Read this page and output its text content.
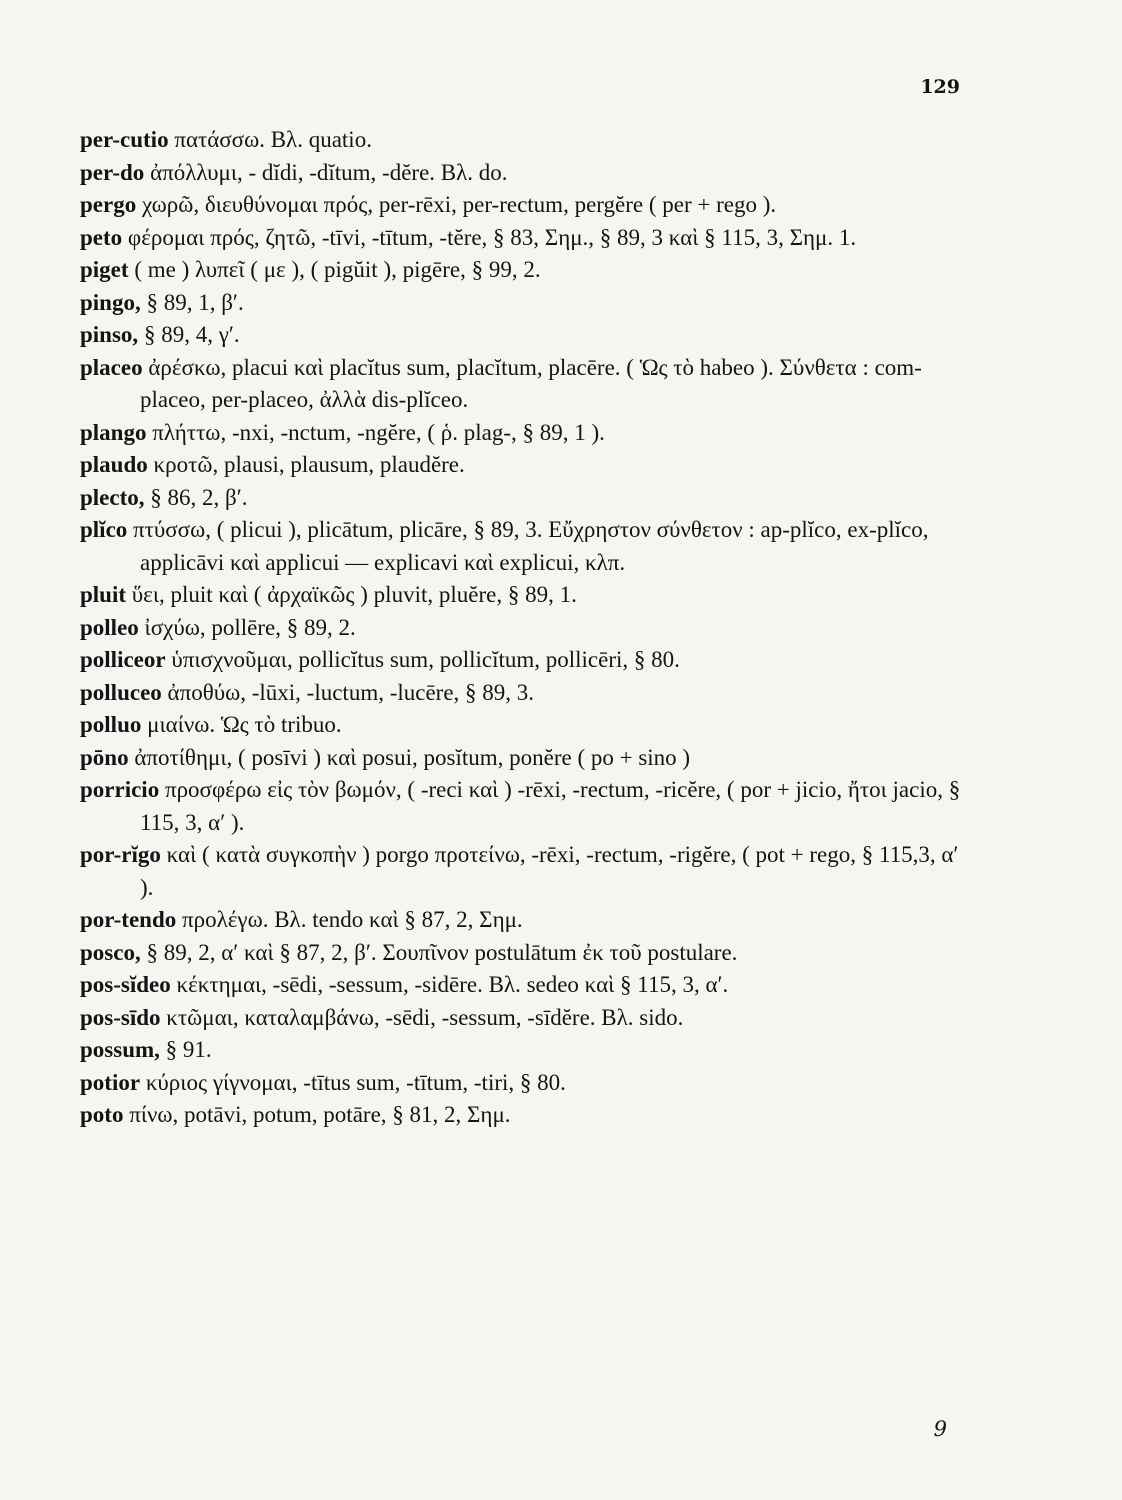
129
per-cutio πατάσσω. Βλ. quatio.
per-do ἀπόλλυμι, - dĭdi, -dĭtum, -dĕre. Βλ. do.
pergo χωρῶ, διευθύνομαι πρός, per-rēxi, per-rectum, pergĕre ( per + rego ).
peto φέρομαι πρός, ζητῶ, -tīvi, -tītum, -tĕre, § 83, Σημ., § 89, 3 καὶ § 115, 3, Σημ. 1.
piget ( me ) λυπεῖ ( με ), ( pigŭit ), pigēre, § 99, 2.
pingo, § 89, 1, β′.
pinso, § 89, 4, γ′.
placeo ἀρέσκω, placui καὶ placĭtus sum, placĭtum, placēre. ( Ὡς τὸ habeo ). Σύνθετα : com-placeo, per-placeo, ἀλλὰ dis-plĭceo.
plango πλήττω, -nxi, -nctum, -ngĕre, ( ῥ. plag-, § 89, 1 ).
plaudo κροτῶ, plausi, plausum, plaudĕre.
plecto, § 86, 2, β′.
plĭco πτύσσω, ( plicui ), plicātum, plicāre, § 89, 3. Εὔχρηστον σύνθετον : ap-plĭco, ex-plĭco, applicāvi καὶ applicui — explicavi καὶ explicui, κλπ.
pluit ὕει, pluit καὶ ( ἀρχαϊκῶς ) pluvit, pluĕre, § 89, 1.
polleo ἰσχύω, pollēre, § 89, 2.
polliceor ὑπισχνοῦμαι, pollicĭtus sum, pollicĭtum, pollicēri, § 80.
polluceo ἀποθύω, -lūxi, -luctum, -lucēre, § 89, 3.
polluo μιαίνω. Ὡς τὸ tribuo.
pōno ἀποτίθημι, ( posīvi ) καὶ posui, posĭtum, ponĕre ( po + sino )
porricio προσφέρω εἰς τὸν βωμόν, ( -reci καὶ ) -rēxi, -rectum, -ricĕre, ( por + jicio, ἤτοι jacio, § 115, 3, α′ ).
por-rĭgo καὶ ( κατὰ συγκοπὴν ) porgo προτείνω, -rēxi, -rectum, -rigĕre, ( pot + rego, § 115,3, α′ ).
por-tendo προλέγω. Βλ. tendo καὶ § 87, 2, Σημ.
posco, § 89, 2, α′ καὶ § 87, 2, β′. Σουπῖνον postulātum ἐκ τοῦ postulare.
pos-sĭdeo κέκτημαι, -sēdi, -sessum, -sidēre. Βλ. sedeo καὶ § 115, 3, α′.
pos-sīdo κτῶμαι, καταλαμβάνω, -sēdi, -sessum, -sīdĕre. Βλ. sido.
possum, § 91.
potior κύριος γίγνομαι, -tītus sum, -tītum, -tiri, § 80.
poto πίνω, potāvi, potum, potāre, § 81, 2, Σημ.
9
